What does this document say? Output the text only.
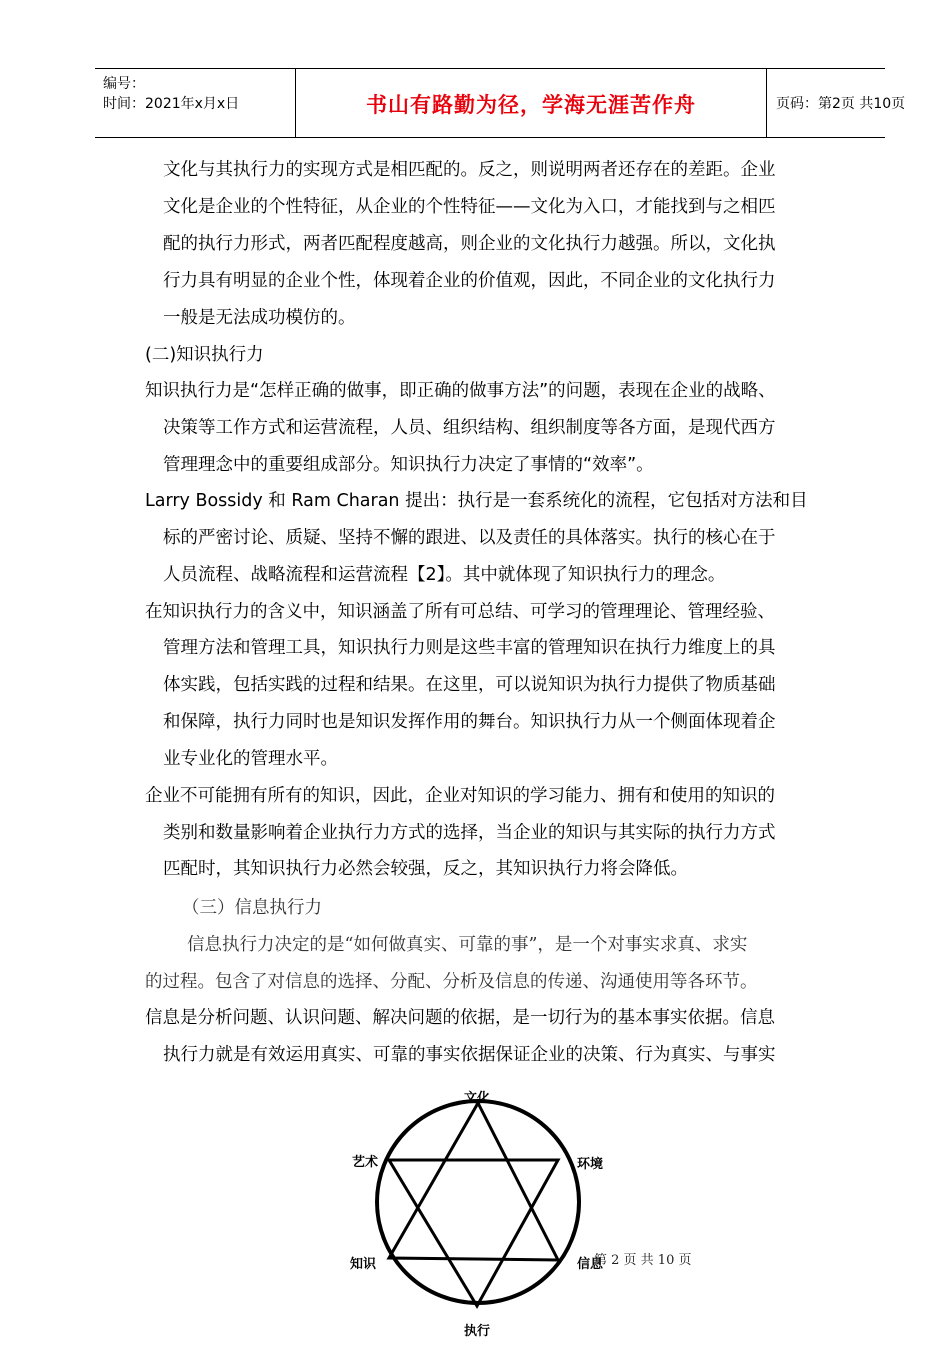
编号：
时间：2021年x月x日	书山有路勤为径，学海无涯苦作舟	页码：第2页 共10页
文化与其执行力的实现方式是相匹配的。反之，则说明两者还存在的差距。企业
文化是企业的个性特征，从企业的个性特征——文化为入口，才能找到与之相匹
配的执行力形式，两者匹配程度越高，则企业的文化执行力越强。所以，文化执
行力具有明显的企业个性，体现着企业的价值观，因此，不同企业的文化执行力
一般是无法成功模仿的。
(二)知识执行力
知识执行力是“怎样正确的做事，即正确的做事方法”的问题，表现在企业的战略、
决策等工作方式和运营流程，人员、组织结构、组织制度等各方面，是现代西方
管理理念中的重要组成部分。知识执行力决定了事情的“效率”。
Larry Bossidy 和 Ram Charan 提出：执行是一套系统化的流程，它包括对方法和目
标的严密讨论、质疑、坚持不懈的跟进、以及责任的具体落实。执行的核心在于
人员流程、战略流程和运营流程【2】。其中就体现了知识执行力的理念。
在知识执行力的含义中，知识涵盖了所有可总结、可学习的管理理论、管理经验、
管理方法和管理工具，知识执行力则是这些丰富的管理知识在执行力维度上的具
体实践，包括实践的过程和结果。在这里，可以说知识为执行力提供了物质基础
和保障，执行力同时也是知识发挥作用的舞台。知识执行力从一个侧面体现着企
业专业化的管理水平。
企业不可能拥有所有的知识，因此，企业对知识的学习能力、拥有和使用的知识的
类别和数量影响着企业执行力方式的选择，当企业的知识与其实际的执行力方式
匹配时，其知识执行力必然会较强，反之，其知识执行力将会降低。
（三）信息执行力
信息执行力决定的是“如何做真实、可靠的事”，是一个对事实求真、求实
的过程。包含了对信息的选择、分配、分析及信息的传递、沟通使用等各环节。
信息是分析问题、认识问题、解决问题的依据，是一切行为的基本事实依据。信息
执行力就是有效运用真实、可靠的事实依据保证企业的决策、行为真实、与事实
文化
艺术	环境
知识	信息
执行
第 2 页 共 10 页
